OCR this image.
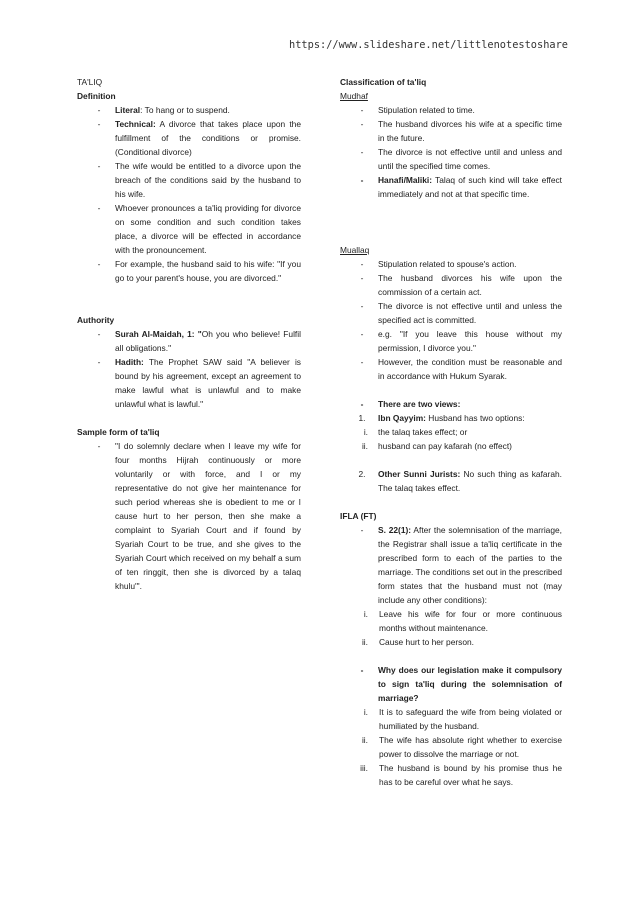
https://www.slideshare.net/littlenotestoshare
TA'LIQ
Definition
-	Literal: To hang or to suspend.
-	Technical: A divorce that takes place upon the fulfillment of the conditions or promise. (Conditional divorce)
-	The wife would be entitled to a divorce upon the breach of the conditions said by the husband to his wife.
-	Whoever pronounces a ta'liq providing for divorce on some condition and such condition takes place, a divorce will be effected in accordance with the pronouncement.
-	For example, the husband said to his wife: "If you go to your parent's house, you are divorced."
Authority
-	Surah Al-Maidah, 1: "Oh you who believe! Fulfil all obligations."
-	Hadith: The Prophet SAW said "A believer is bound by his agreement, except an agreement to make lawful what is unlawful and to make unlawful what is lawful."
Sample form of ta'liq
-	"I do solemnly declare when I leave my wife for four months Hijrah continuously or more voluntarily or with force, and I or my representative do not give her maintenance for such period whereas she is obedient to me or I cause hurt to her person, then she make a complaint to Syariah Court and if found by Syariah Court to be true, and she gives to the Syariah Court which received on my behalf a sum of ten ringgit, then she is divorced by a talaq khulu'".
Classification of ta'liq
Mudhaf
-	Stipulation related to time.
-	The husband divorces his wife at a specific time in the future.
-	The divorce is not effective until and unless and until the specified time comes.
-	Hanafi/Maliki: Talaq of such kind will take effect immediately and not at that specific time.
Muallaq
-	Stipulation related to spouse's action.
-	The husband divorces his wife upon the commission of a certain act.
-	The divorce is not effective until and unless the specified act is committed.
-	e.g. "If you leave this house without my permission, I divorce you."
-	However, the condition must be reasonable and in accordance with Hukum Syarak.
-	There are two views:
1. Ibn Qayyim: Husband has two options:
i. the talaq takes effect; or
ii. husband can pay kafarah (no effect)
2. Other Sunni Jurists: No such thing as kafarah. The talaq takes effect.
IFLA (FT)
-	S. 22(1): After the solemnisation of the marriage, the Registrar shall issue a ta'liq certificate in the prescribed form to each of the parties to the marriage. The conditions set out in the prescribed form states that the husband must not (may include any other conditions):
i. Leave his wife for four or more continuous months without maintenance.
ii. Cause hurt to her person.
-	Why does our legislation make it compulsory to sign ta'liq during the solemnisation of marriage?
i. It is to safeguard the wife from being violated or humiliated by the husband.
ii. The wife has absolute right whether to exercise power to dissolve the marriage or not.
iii. The husband is bound by his promise thus he has to be careful over what he says.
